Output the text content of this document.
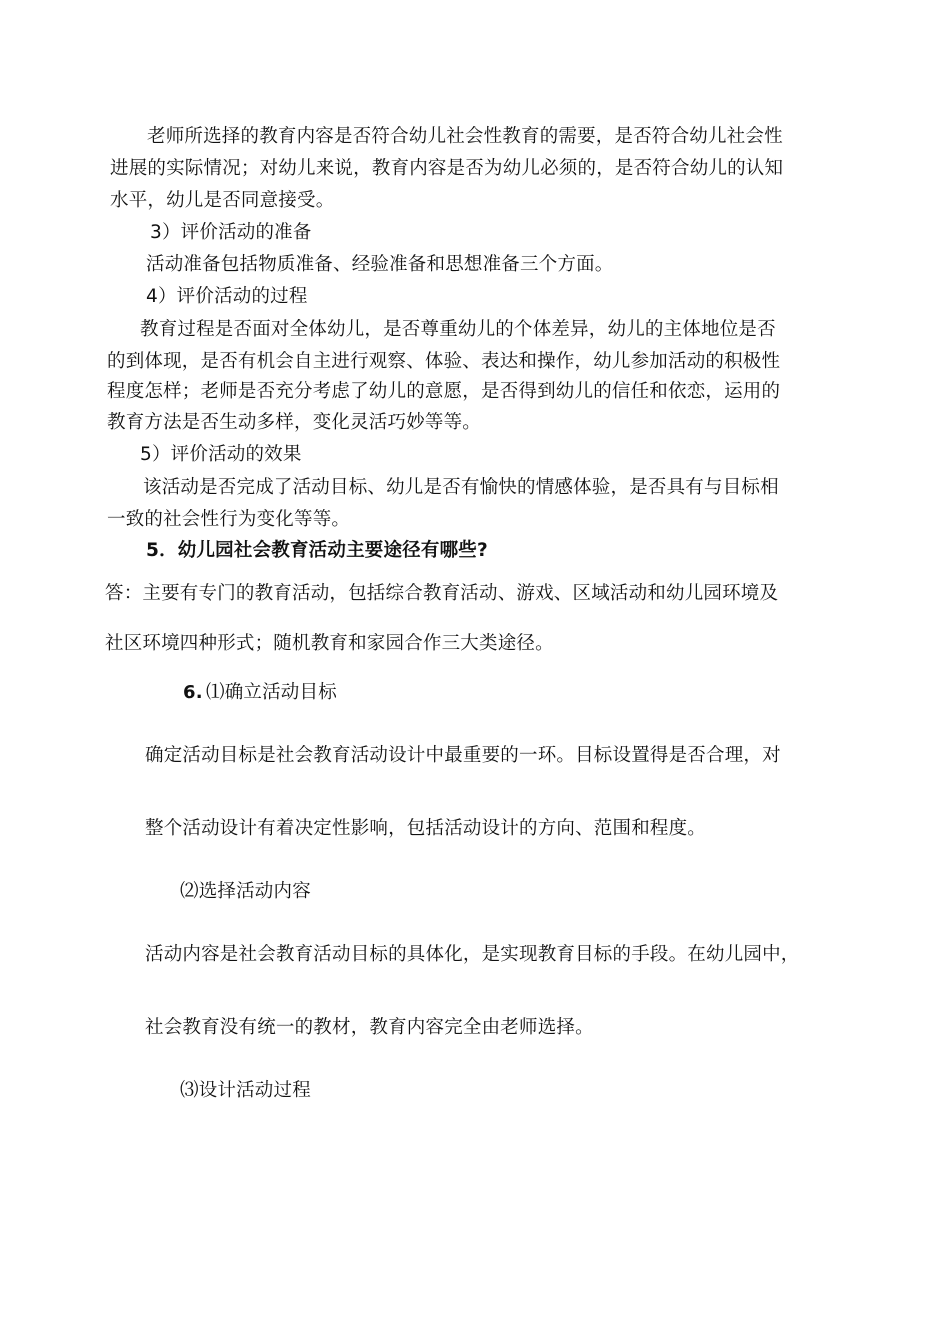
老师所选择的教育内容是否符合幼儿社会性教育的需要，是否符合幼儿社会性
进展的实际情况；对幼儿来说，教育内容是否为幼儿必须的，是否符合幼儿的认知
水平，幼儿是否同意接受。
3）评价活动的准备
活动准备包括物质准备、经验准备和思想准备三个方面。
4）评价活动的过程
教育过程是否面对全体幼儿，是否尊重幼儿的个体差异，幼儿的主体地位是否
的到体现，是否有机会自主进行观察、体验、表达和操作，幼儿参加活动的积极性
程度怎样；老师是否充分考虑了幼儿的意愿，是否得到幼儿的信任和依恋，运用的
教育方法是否生动多样，变化灵活巧妙等等。
5）评价活动的效果
该活动是否完成了活动目标、幼儿是否有愉快的情感体验，是否具有与目标相
一致的社会性行为变化等等。
5．幼儿园社会教育活动主要途径有哪些?
答：主要有专门的教育活动，包括综合教育活动、游戏、区域活动和幼儿园环境及
社区环境四种形式；随机教育和家园合作三大类途径。
6. ⑴确立活动目标
确定活动目标是社会教育活动设计中最重要的一环。目标设置得是否合理，对
整个活动设计有着决定性影响，包括活动设计的方向、范围和程度。
⑵选择活动内容
活动内容是社会教育活动目标的具体化，是实现教育目标的手段。在幼儿园中，
社会教育没有统一的教材，教育内容完全由老师选择。
⑶设计活动过程
